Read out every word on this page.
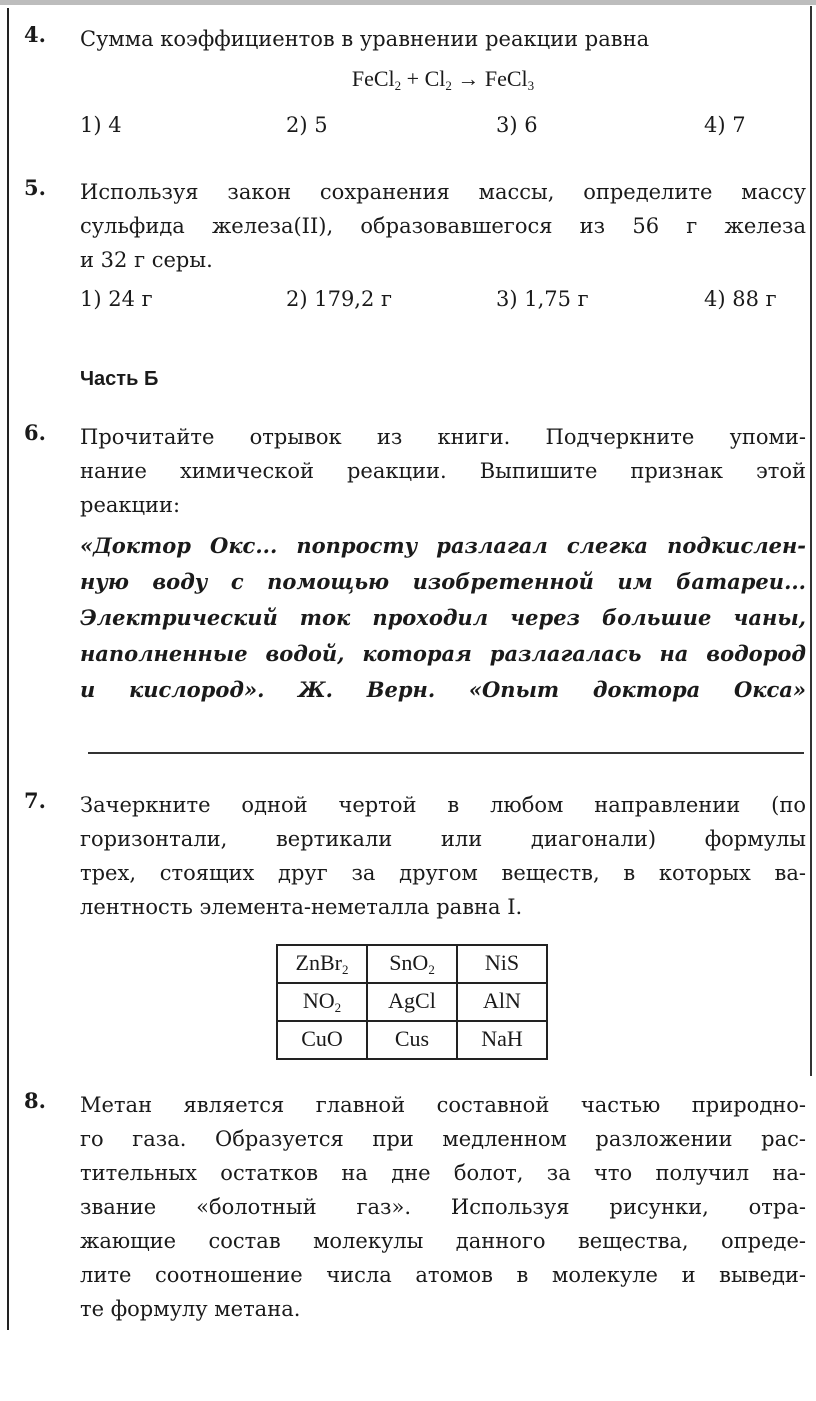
4.	Сумма коэффициентов в уравнении реакции равна
FeCl$_2$ + $Cl_2$ → FeCl$_3$
1) 4	2) 5	3) 6	4) 7
5.	Используя закон сохранения массы, определите массу
сульфида железа(II), образовавшегося из 56 г железа
и 32 г серы.
1) 24 г	2) 179,2 г	3) 1,75 г	4) 88 г
Часть Б
6.	Прочитайте отрывок из книги. Подчеркните упоми-
нание химической реакции. Выпишите признак этой
реакции:
«Доктор Окс... попросту разлагал слегка подкислен-
ную воду с помощью изобретенной им батареи...
Электрический ток проходил через большие чаны,
наполненные водой, которая разлагалась на водород
и кислород». Ж. Верн. «Опыт доктора Окса»
7.	Зачеркните одной чертой в любом направлении (по
горизонтали, вертикали или диагонали) формулы
трех, стоящих друг за другом веществ, в которых ва-
лентность элемента-неметалла равна I.
ZnBr$_2$	SnO$_2$	NiS
$NO_2$	AgCl	AlN
CuO	Cus	NaH
8.	Метан является главной составной частью природно-
го газа. Образуется при медленном разложении рас-
тительных остатков на дне болот, за что получил на-
звание «болотный газ». Используя рисунки, отра-
жающие состав молекулы данного вещества, опреде-
лите соотношение числа атомов в молекуле и выведи-
те формулу метана.
